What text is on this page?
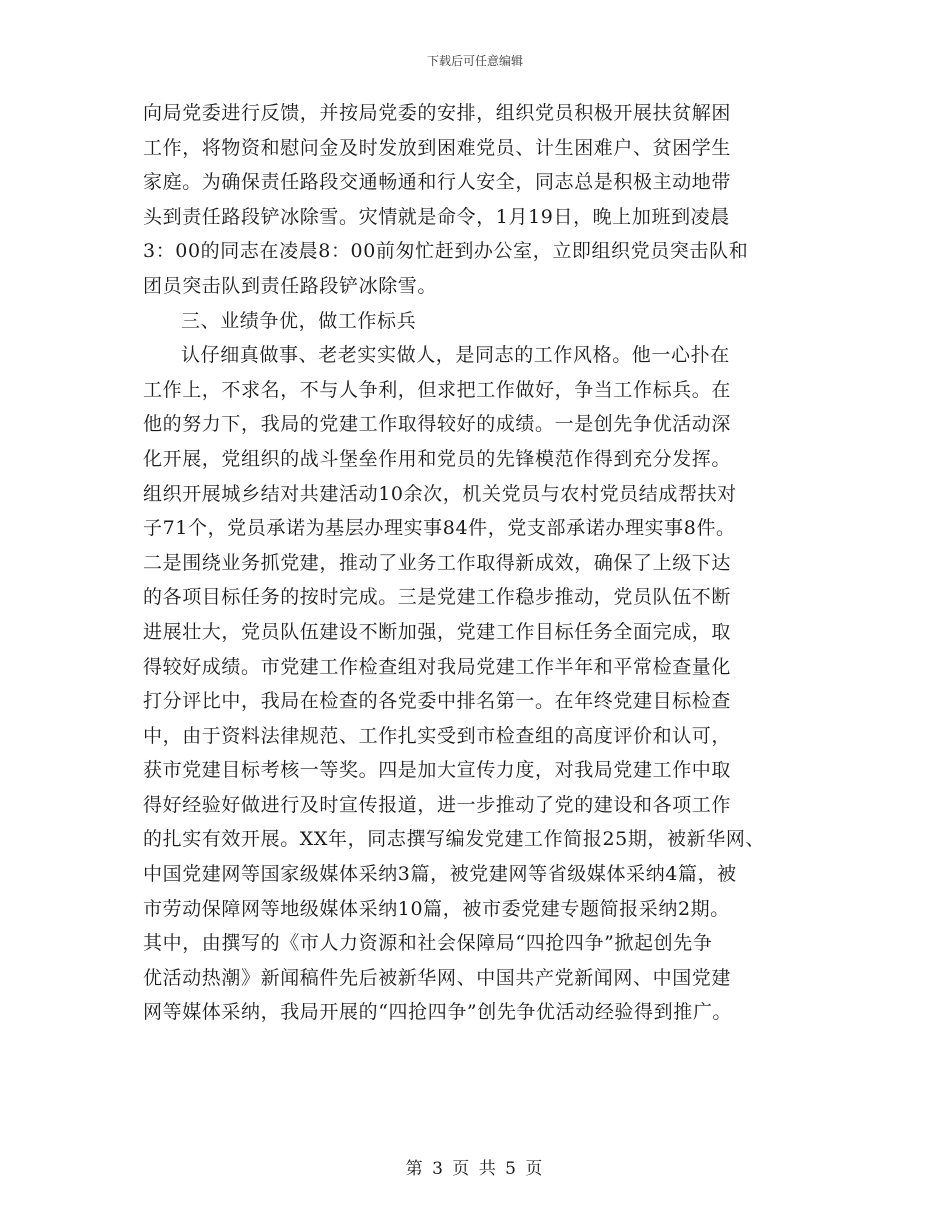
下载后可任意编辑
向局党委进行反馈，并按局党委的安排，组织党员积极开展扶贫解困
工作，将物资和慰问金及时发放到困难党员、计生困难户、贫困学生
家庭。为确保责任路段交通畅通和行人安全，同志总是积极主动地带
头到责任路段铲冰除雪。灾情就是命令，1月19日，晚上加班到凌晨
3：00的同志在凌晨8：00前匆忙赶到办公室，立即组织党员突击队和
团员突击队到责任路段铲冰除雪。
三、业绩争优，做工作标兵
认仔细真做事、老老实实做人，是同志的工作风格。他一心扑在
工作上，不求名，不与人争利，但求把工作做好，争当工作标兵。在
他的努力下，我局的党建工作取得较好的成绩。一是创先争优活动深
化开展，党组织的战斗堡垒作用和党员的先锋模范作得到充分发挥。
组织开展城乡结对共建活动10余次，机关党员与农村党员结成帮扶对
子71个，党员承诺为基层办理实事84件，党支部承诺办理实事8件。
二是围绕业务抓党建，推动了业务工作取得新成效，确保了上级下达
的各项目标任务的按时完成。三是党建工作稳步推动，党员队伍不断
进展壮大，党员队伍建设不断加强，党建工作目标任务全面完成，取
得较好成绩。市党建工作检查组对我局党建工作半年和平常检查量化
打分评比中，我局在检查的各党委中排名第一。在年终党建目标检查
中，由于资料法律规范、工作扎实受到市检查组的高度评价和认可，
获市党建目标考核一等奖。四是加大宣传力度，对我局党建工作中取
得好经验好做进行及时宣传报道，进一步推动了党的建设和各项工作
的扎实有效开展。XX年，同志撰写编发党建工作简报25期，被新华网、
中国党建网等国家级媒体采纳3篇，被党建网等省级媒体采纳4篇，被
市劳动保障网等地级媒体采纳10篇，被市委党建专题简报采纳2期。
其中，由撰写的《市人力资源和社会保障局“四抢四争”掀起创先争
优活动热潮》新闻稿件先后被新华网、中国共产党新闻网、中国党建
网等媒体采纳，我局开展的“四抢四争”创先争优活动经验得到推广。
第 3 页 共 5 页
